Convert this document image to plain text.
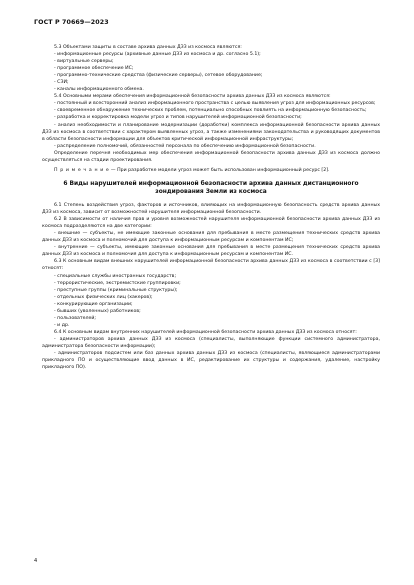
ГОСТ Р 70669—2023

5.3 Объектами защиты в составе архива данных ДЗЗ из космоса являются:

- информационные ресурсы (архивные данные ДЗЗ из космоса и др. согласно 5.1);

- виртуальные серверы;

- программное обеспечение ИС;

- программно-технические средства (физические серверы), сетевое оборудование;

- СЗИ;

- каналы информационного обмена.

5.4 Основными мерами обеспечения информационной безопасности архива данных ДЗЗ из космоса являются:

- постоянный и всесторонний анализ информационного пространства с целью выявления угроз для информационных ресурсов;

- своевременное обнаружение технических проблем, потенциально способных повлиять на информационную безопасность;

- разработка и корректировка модели угроз и типов нарушителей информационной безопасности;

- анализ необходимости и планирование модернизации (доработки) комплекса информационной безопасности архива данных ДЗЗ из космоса в соответствии с характером выявленных угроз, а также изменениями законодательства и руководящих документов в области безопасности информации для объектов критической информационной инфраструктуры;

- распределение полномочий, обязанностей персонала по обеспечению информационной безопасности.

Определение перечня необходимых мер обеспечения информационной безопасности архива данных ДЗЗ из космоса должно осуществляться на стадии проектирования.

П р и м е ч а н и е — При разработке модели угроз может быть использован информационный ресурс [2].

6 Виды нарушителей информационной безопасности архива данных дистанционного зондирования Земли из космоса

6.1 Степень воздействия угроз, факторов и источников, влияющих на информационную безопасность средств архива данных ДЗЗ из космоса, зависит от возможностей нарушителя информационной безопасности.

6.2 В зависимости от наличия прав и уровня возможностей нарушителя информационной безопасности архива данных ДЗЗ из космоса подразделяются на две категории:

- внешние — субъекты, не имеющие законные основания для пребывания в месте размещения технических средств архива данных ДЗЗ из космоса и полномочий для доступа к информационным ресурсам и компонентам ИС;

- внутренние — субъекты, имеющие законные основания для пребывания в месте размещения технических средств архива данных ДЗЗ из космоса и полномочия для доступа к информационным ресурсам и компонентам ИС.

6.3 К основным видам внешних нарушителей информационной безопасности архива данных ДЗЗ из космоса в соответствии с [3] относят:

- специальные службы иностранных государств;

- террористические, экстремистские группировки;

- преступные группы (криминальные структуры);

- отдельных физических лиц (хакеров);

- конкурирующие организации;

- бывших (уволенных) работников;

- пользователей;

- и др.

6.4 К основным видам внутренних нарушителей информационной безопасности архива данных ДЗЗ из космоса относят:

- администраторов архива данных ДЗЗ из космоса (специалисты, выполняющие функции системного администратора, администратора безопасности информации);

- администраторов подсистем или баз данных архива данных ДЗЗ из космоса (специалисты, являющиеся администраторами прикладного ПО и осуществляющие ввод данных в ИС, редактирование их структуры и содержания, удаление, настройку прикладного ПО).

4
